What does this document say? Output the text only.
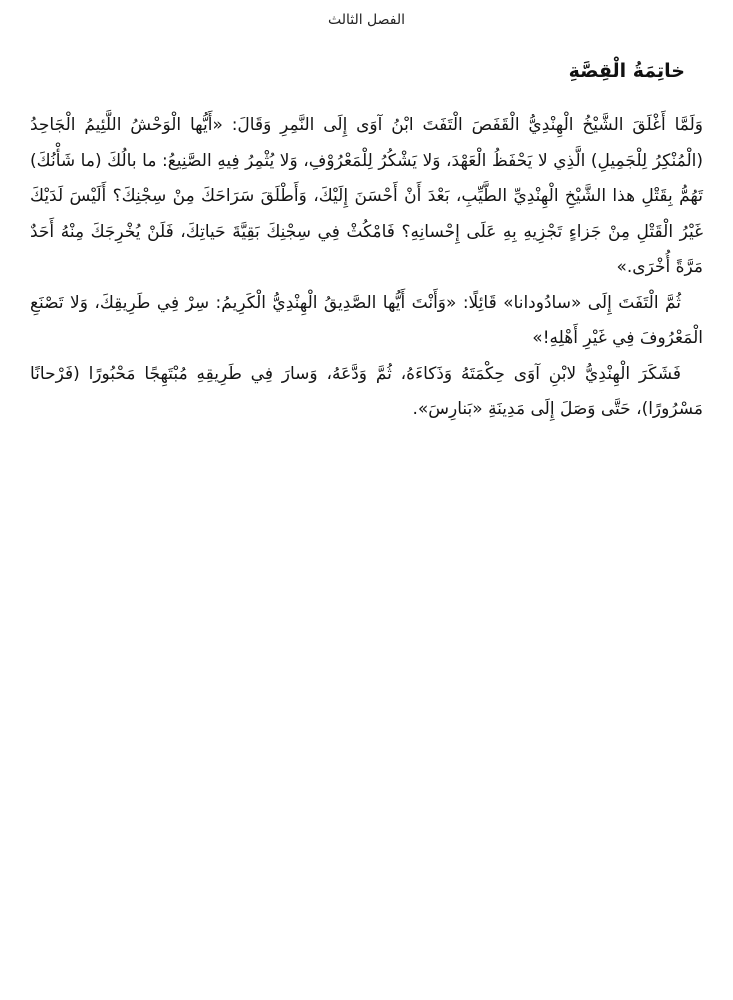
الفصل الثالث
خاتِمَةُ الْقِصَّةِ

وَلَمَّا أَغْلَقَ الشَّيْخُ الْهِنْدِيُّ الْقَفَصَ الْتَفَتَ ابْنُ آوَى إِلَى النَّمِرِ وَقَالَ: «أَيُّها الْوَحْشُ اللَّئِيمُ الْجَاحِدُ (الْمُنْكِرُ لِلْجَمِيلِ) الَّذِي لا يَحْفَظُ الْعَهْدَ، وَلا يَشْكُرُ لِلْمَعْرُوْفِ، وَلا يُثْمِرُ فِيهِ الصَّنِيعُ: ما بالُكَ (ما شَأْنُكَ) تَهُمُّ بِقَتْلِ هذا الشَّيْخِ الْهِنْدِيِّ الطَّيِّبِ، بَعْدَ أَنْ أَحْسَنَ إِلَيْكَ، وَأَطْلَقَ سَرَاحَكَ مِنْ سِجْنِكَ؟ أَلَيْسَ لَدَيْكَ غَيْرُ الْقَتْلِ مِنْ جَزاءٍ تَجْزِيهِ بِهِ عَلَى إِحْسانِهِ؟ فَامْكُثْ فِي سِجْنِكَ بَقِيَّةَ حَياتِكَ، فَلَنْ يُخْرِجَكَ مِنْهُ أَحَدٌ مَرَّةً أُخْرَى.»

ثُمَّ الْتَفَتَ إِلَى «سادُودانا» قَائِلًا: «وَأَنْتَ أَيُّها الصَّدِيقُ الْهِنْدِيُّ الْكَرِيمُ: سِرْ فِي طَرِيقِكَ، وَلا تَصْنَعِ الْمَعْرُوفَ فِي غَيْرِ أَهْلِهِ!»

فَشَكَرَ الْهِنْدِيُّ لابْنِ آوَى حِكْمَتَهُ وَذَكاءَهُ، ثُمَّ وَدَّعَهُ، وَسارَ فِي طَرِيقِهِ مُبْتَهِجًا مَحْبُورًا (فَرْحانًا مَسْرُورًا)، حَتَّى وَصَلَ إِلَى مَدِينَةِ «بَنارِسَ».
